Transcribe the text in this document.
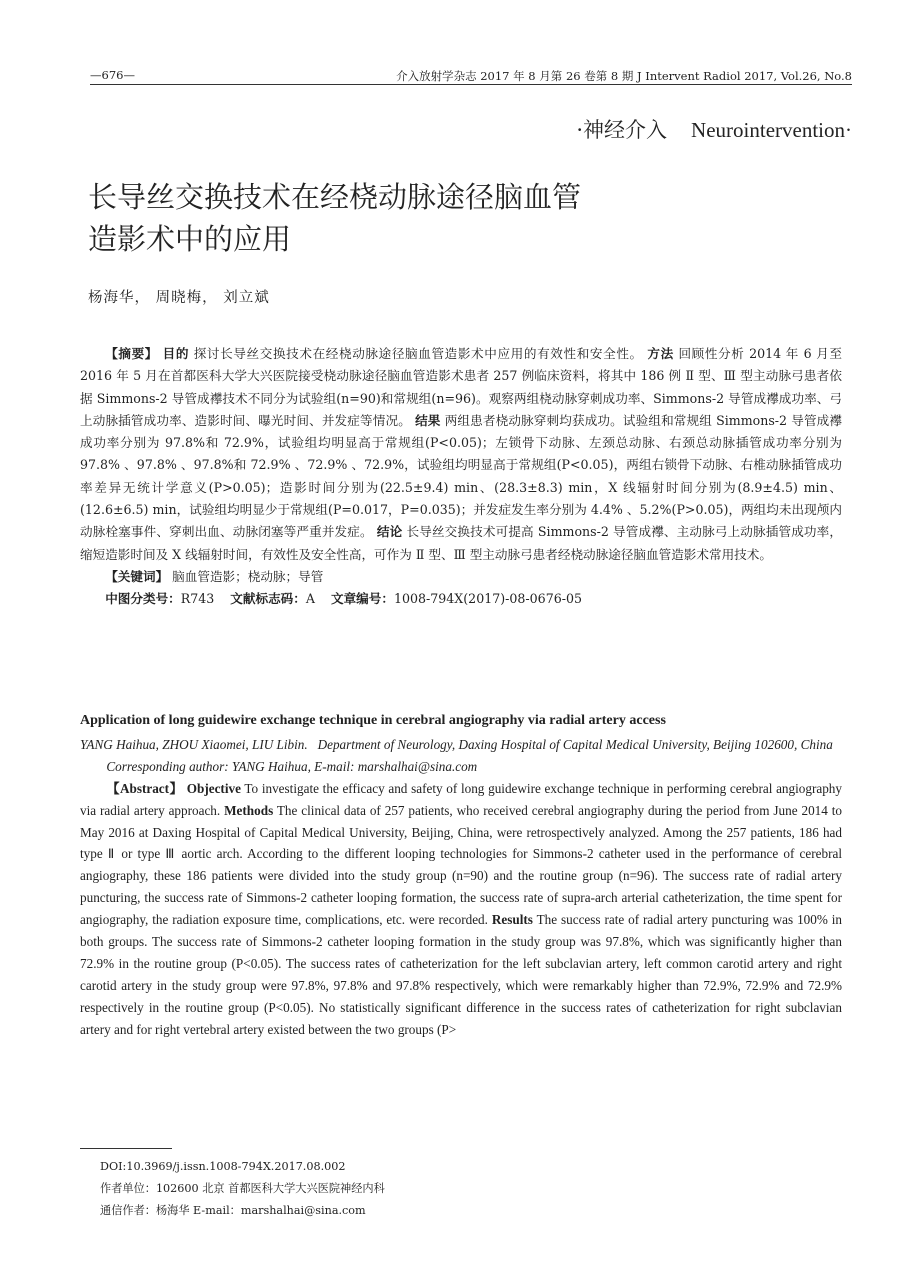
—676—	介入放射学杂志 2017 年 8 月第 26 卷第 8 期 J Intervent Radiol 2017, Vol.26, No.8
·神经介入 Neurointervention·
长导丝交换技术在经桡动脉途径脑血管
造影术中的应用
杨海华， 周晓梅， 刘立斌

【摘要】 目的 探讨长导丝交换技术在经桡动脉途径脑血管造影术中应用的有效性和安全性。 方法 回顾性分析 2014 年 6 月至 2016 年 5 月在首都医科大学大兴医院接受桡动脉途径脑血管造影术患者 257 例临床资料，将其中 186 例 Ⅱ 型、Ⅲ 型主动脉弓患者依据 Simmons-2 导管成襻技术不同分为试验组(n=90)和常规组(n=96)。观察两组桡动脉穿刺成功率、Simmons-2 导管成襻成功率、弓上动脉插管成功率、造影时间、曝光时间、并发症等情况。 结果 两组患者桡动脉穿刺均获成功。试验组和常规组 Simmons-2 导管成襻成功率分别为 97.8%和 72.9%，试验组均明显高于常规组(P<0.05)；左锁骨下动脉、左颈总动脉、右颈总动脉插管成功率分别为 97.8% 、97.8% 、97.8%和 72.9% 、72.9% 、72.9%，试验组均明显高于常规组(P<0.05)，两组右锁骨下动脉、右椎动脉插管成功率差异无统计学意义(P>0.05)；造影时间分别为(22.5±9.4) min、(28.3±8.3) min，X 线辐射时间分别为(8.9±4.5) min、(12.6±6.5) min，试验组均明显少于常规组(P=0.017，P=0.035)；并发症发生率分别为 4.4% 、5.2%(P>0.05)，两组均未出现颅内动脉栓塞事件、穿刺出血、动脉闭塞等严重并发症。 结论 长导丝交换技术可提高 Simmons-2 导管成襻、主动脉弓上动脉插管成功率，缩短造影时间及 X 线辐射时间，有效性及安全性高，可作为 Ⅱ 型、Ⅲ 型主动脉弓患者经桡动脉途径脑血管造影术常用技术。

【关键词】 脑血管造影；桡动脉；导管

中图分类号：R743 文献标志码：A 文章编号：1008-794X(2017)-08-0676-05

Application of long guidewire exchange technique in cerebral angiography via radial artery access

YANG Haihua, ZHOU Xiaomei, LIU Libin. Department of Neurology, Daxing Hospital of Capital Medical University, Beijing 102600, China

Corresponding author: YANG Haihua, E-mail: marshalhai@sina.com

【Abstract】 Objective To investigate the efficacy and safety of long guidewire exchange technique in performing cerebral angiography via radial artery approach. Methods The clinical data of 257 patients, who received cerebral angiography during the period from June 2014 to May 2016 at Daxing Hospital of Capital Medical University, Beijing, China, were retrospectively analyzed. Among the 257 patients, 186 had type Ⅱ or type Ⅲ aortic arch. According to the different looping technologies for Simmons-2 catheter used in the performance of cerebral angiography, these 186 patients were divided into the study group (n=90) and the routine group (n=96). The success rate of radial artery puncturing, the success rate of Simmons-2 catheter looping formation, the success rate of supra-arch arterial catheterization, the time spent for angiography, the radiation exposure time, complications, etc. were recorded. Results The success rate of radial artery puncturing was 100% in both groups. The success rate of Simmons-2 catheter looping formation in the study group was 97.8%, which was significantly higher than 72.9% in the routine group (P<0.05). The success rates of catheterization for the left subclavian artery, left common carotid artery and right carotid artery in the study group were 97.8%, 97.8% and 97.8% respectively, which were remarkably higher than 72.9%, 72.9% and 72.9% respectively in the routine group (P<0.05). No statistically significant difference in the success rates of catheterization for right subclavian artery and for right vertebral artery existed between the two groups (P>

DOI:10.3969/j.issn.1008-794X.2017.08.002

作者单位：102600 北京 首都医科大学大兴医院神经内科

通信作者：杨海华 E-mail：marshalhai@sina.com
